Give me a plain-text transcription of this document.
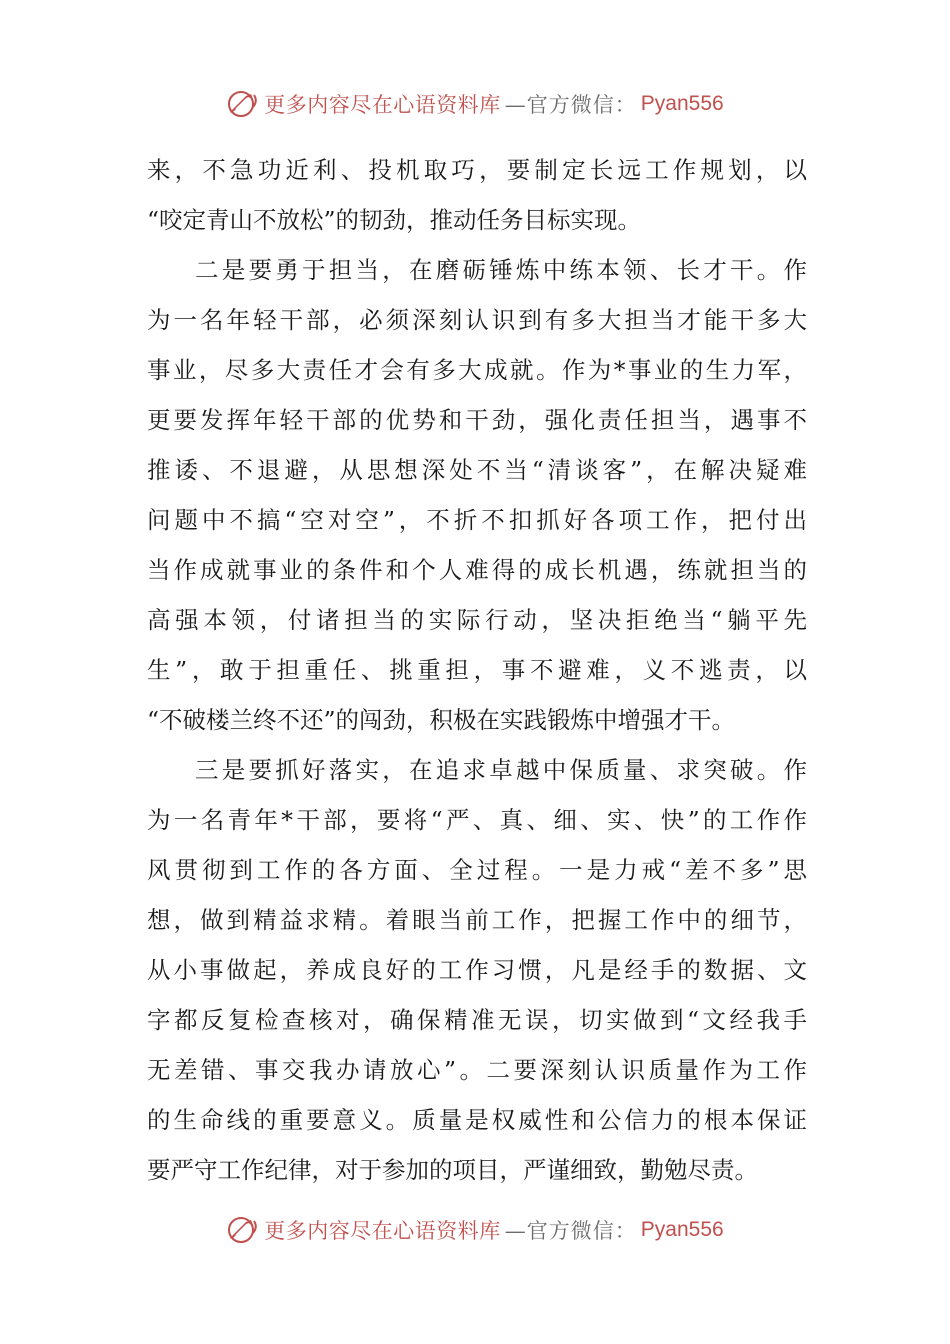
更多内容尽在心语资料库 —官方微信： Pyan556
来，不急功近利、投机取巧，要制定长远工作规划，以
“咬定青山不放松”的韧劲，推动任务目标实现。
二是要勇于担当，在磨砺锤炼中练本领、长才干。作
为一名年轻干部，必须深刻认识到有多大担当才能干多大
事业，尽多大责任才会有多大成就。作为*事业的生力军，
更要发挥年轻干部的优势和干劲，强化责任担当，遇事不
推诿、不退避，从思想深处不当“清谈客”，在解决疑难
问题中不搞“空对空”，不折不扣抓好各项工作，把付出
当作成就事业的条件和个人难得的成长机遇，练就担当的
高强本领，付诸担当的实际行动，坚决拒绝当“躺平先
生”，敢于担重任、挑重担，事不避难，义不逃责，以
“不破楼兰终不还”的闯劲，积极在实践锻炼中增强才干。
三是要抓好落实，在追求卓越中保质量、求突破。作
为一名青年*干部，要将“严、真、细、实、快”的工作作
风贯彻到工作的各方面、全过程。一是力戒“差不多”思
想，做到精益求精。着眼当前工作，把握工作中的细节，
从小事做起，养成良好的工作习惯，凡是经手的数据、文
字都反复检查核对，确保精准无误，切实做到“文经我手
无差错、事交我办请放心”。二要深刻认识质量作为工作
的生命线的重要意义。质量是权威性和公信力的根本保证
要严守工作纪律，对于参加的项目，严谨细致，勤勉尽责。
更多内容尽在心语资料库 —官方微信： Pyan556
